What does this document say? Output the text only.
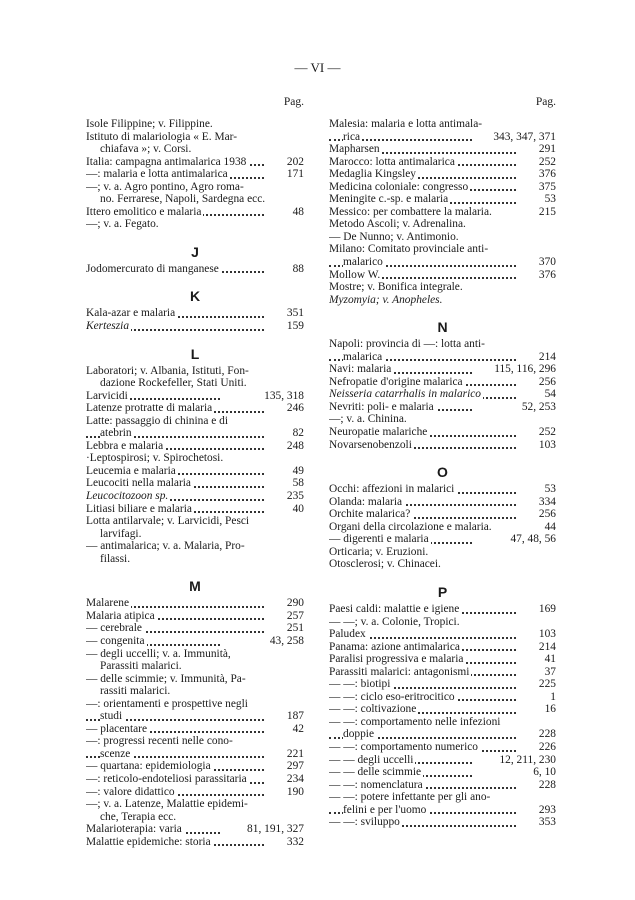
— VI —
Pag.
Isole Filippine; v. Filippine.
Istituto di malariologia « E. Mar-
chiafava »; v. Corsi.
Italia: campagna antimalarica 1938	202
—: malaria e lotta antimalarica	171
—; v. a. Agro pontino, Agro roma-
no. Ferrarese, Napoli, Sardegna ecc.
Ittero emolitico e malaria	48
—; v. a. Fegato.
J
Jodomercurato di manganese	88
K
Kala-azar e malaria	351
Kerteszia	159
L
Laboratori; v. Albania, Istituti, Fon-
dazione Rockefeller, Stati Uniti.
Larvicidi	135, 318
Latenze protratte di malaria	246
Latte: passaggio di chinina e di
atebrin	82
Lebbra e malaria	248
·Leptospirosi; v. Spirochetosi.
Leucemia e malaria	49
Leucociti nella malaria	58
Leucocitozoon sp.	235
Litiasi biliare e malaria	40
Lotta antilarvale; v. Larvicidi, Pesci
larvifagi.
— antimalarica; v. a. Malaria, Pro-
filassi.
M
Malarene	290
Malaria atipica	257
— cerebrale	251
— congenita	43, 258
— degli uccelli; v. a. Immunità,
Parassiti malarici.
— delle scimmie; v. Immunità, Pa-
rassiti malarici.
—: orientamenti e prospettive negli
studi	187
— placentare	42
—: progressi recenti nelle cono-
scenze	221
— quartana: epidemiologia	297
—: reticolo-endoteliosi parassitaria	234
—: valore didattico	190
—; v. a. Latenze, Malattie epidemi-
che, Terapia ecc.
Malarioterapia: varia	81, 191, 327
Malattie epidemiche: storia	332
Pag.
Malesia: malaria e lotta antimala-
rica	343, 347, 371
Mapharsen	291
Marocco: lotta antimalarica	252
Medaglia Kingsley	376
Medicina coloniale: congresso	375
Meningite c.-sp. e malaria	53
Messico: per combattere la malaria.	215
Metodo Ascoli; v. Adrenalina.
— De Nunno; v. Antimonio.
Milano: Comitato provinciale anti-
malarico	370
Mollow W.	376
Mostre; v. Bonifica integrale.
Myzomyia; v. Anopheles.
N
Napoli: provincia di —: lotta anti-
malarica	214
Navi: malaria	115, 116, 296
Nefropatie d'origine malarica	256
Neisseria catarrhalis in malarico	54
Nevriti: poli- e malaria	52, 253
—; v. a. Chinina.
Neuropatie malariche	252
Novarsenobenzoli	103
O
Occhi: affezioni in malarici	53
Olanda: malaria	334
Orchite malarica?	256
Organi della circolazione e malaria.	44
— digerenti e malaria	47, 48, 56
Orticaria; v. Eruzioni.
Otosclerosi; v. Chinacei.
P
Paesi caldi: malattie e igiene	169
— —; v. a. Colonie, Tropici.
Paludex	103
Panama: azione antimalarica	214
Paralisi progressiva e malaria	41
Parassiti malarici: antagonismi	37
— —: biotipi	225
— —: ciclo eso-eritrocitico	1
— —: coltivazione	16
— —: comportamento nelle infezioni
doppie	228
— —: comportamento numerico	226
— — degli uccelli	12, 211, 230
— — delle scimmie	6, 10
— —: nomenclatura	228
— —: potere infettante per gli ano-
felini e per l'uomo	293
— —: sviluppo	353
